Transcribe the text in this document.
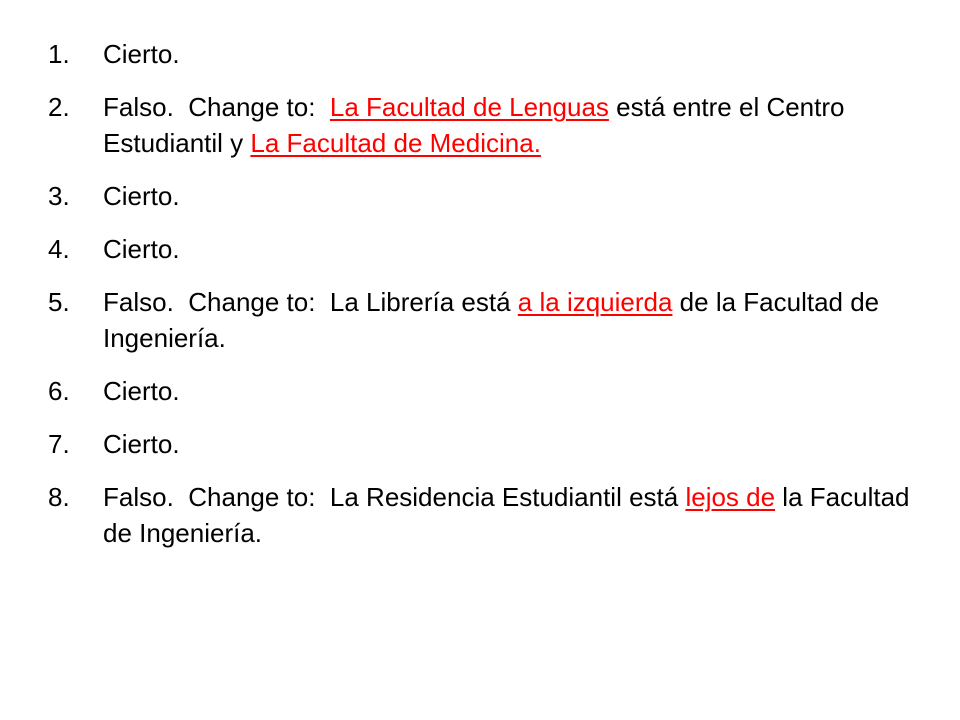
1. Cierto.
2. Falso.  Change to:  La Facultad de Lenguas está entre el Centro Estudiantil y La Facultad de Medicina.
3. Cierto.
4. Cierto.
5. Falso.  Change to:  La Librería está a la izquierda de la Facultad de Ingeniería.
6. Cierto.
7. Cierto.
8. Falso.  Change to:  La Residencia Estudiantil está lejos de la Facultad de Ingeniería.
